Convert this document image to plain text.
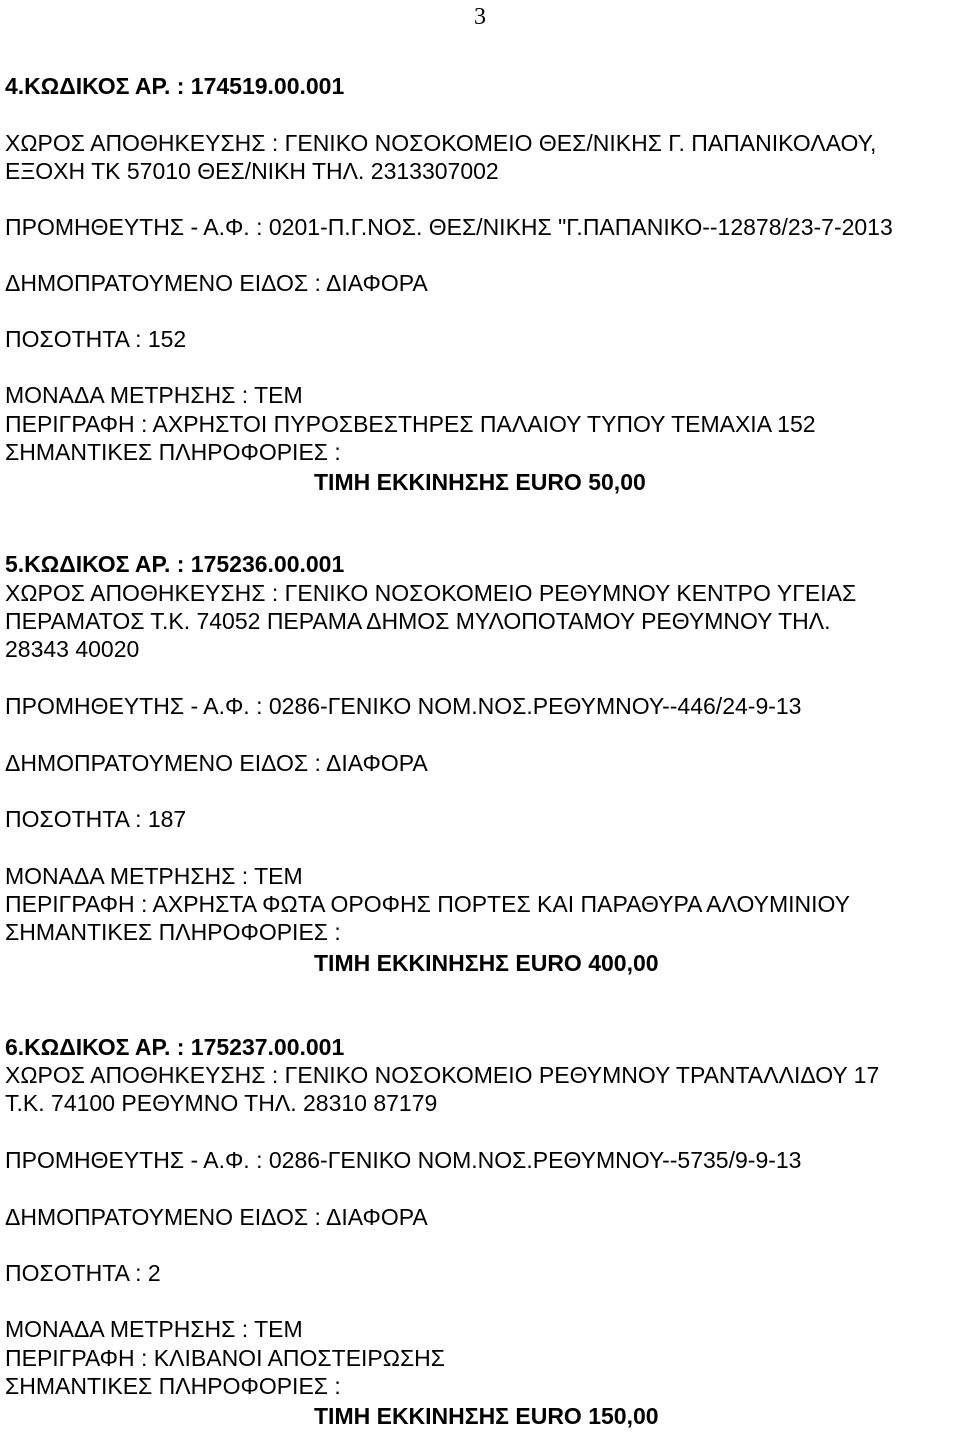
3
4.ΚΩΔΙΚΟΣ ΑΡ. : 174519.00.001
ΧΩΡΟΣ ΑΠΟΘΗΚΕΥΣΗΣ : ΓΕΝΙΚΟ ΝΟΣΟΚΟΜΕΙΟ ΘΕΣ/ΝΙΚΗΣ Γ. ΠΑΠΑΝΙΚΟΛΑΟΥ,
ΕΞΟΧΗ ΤΚ 57010 ΘΕΣ/ΝΙΚΗ ΤΗΛ. 2313307002
ΠΡΟΜΗΘΕΥΤΗΣ - Α.Φ. : 0201-Π.Γ.ΝΟΣ. ΘΕΣ/ΝΙΚΗΣ "Γ.ΠΑΠΑΝΙΚΟ--12878/23-7-2013
ΔΗΜΟΠΡΑΤΟΥΜΕΝΟ ΕΙΔΟΣ : ΔΙΑΦΟΡΑ
ΠΟΣΟΤΗΤΑ : 152
ΜΟΝΑΔΑ ΜΕΤΡΗΣΗΣ : ΤΕΜ
ΠΕΡΙΓΡΑΦΗ : ΑΧΡΗΣΤΟΙ ΠΥΡΟΣΒΕΣΤΗΡΕΣ ΠΑΛΑΙΟΥ ΤΥΠΟΥ ΤΕΜΑΧΙΑ 152
ΣΗΜΑΝΤΙΚΕΣ ΠΛΗΡΟΦΟΡΙΕΣ :
ΤΙΜΗ ΕΚΚΙΝΗΣΗΣ EURO 50,00
5.ΚΩΔΙΚΟΣ ΑΡ. : 175236.00.001
ΧΩΡΟΣ ΑΠΟΘΗΚΕΥΣΗΣ : ΓΕΝΙΚΟ ΝΟΣΟΚΟΜΕΙΟ ΡΕΘΥΜΝΟΥ ΚΕΝΤΡΟ ΥΓΕΙΑΣ
ΠΕΡΑΜΑΤΟΣ Τ.Κ. 74052 ΠΕΡΑΜΑ ΔΗΜΟΣ ΜΥΛΟΠΟΤΑΜΟΥ ΡΕΘΥΜΝΟΥ ΤΗΛ.
28343 40020
ΠΡΟΜΗΘΕΥΤΗΣ - Α.Φ. : 0286-ΓΕΝΙΚΟ ΝΟΜ.ΝΟΣ.ΡΕΘΥΜΝΟΥ--446/24-9-13
ΔΗΜΟΠΡΑΤΟΥΜΕΝΟ ΕΙΔΟΣ : ΔΙΑΦΟΡΑ
ΠΟΣΟΤΗΤΑ : 187
ΜΟΝΑΔΑ ΜΕΤΡΗΣΗΣ : ΤΕΜ
ΠΕΡΙΓΡΑΦΗ : ΑΧΡΗΣΤΑ ΦΩΤΑ ΟΡΟΦΗΣ ΠΟΡΤΕΣ ΚΑΙ ΠΑΡΑΘΥΡΑ ΑΛΟΥΜΙΝΙΟΥ
ΣΗΜΑΝΤΙΚΕΣ ΠΛΗΡΟΦΟΡΙΕΣ :
ΤΙΜΗ ΕΚΚΙΝΗΣΗΣ EURO 400,00
6.ΚΩΔΙΚΟΣ ΑΡ. : 175237.00.001
ΧΩΡΟΣ ΑΠΟΘΗΚΕΥΣΗΣ : ΓΕΝΙΚΟ ΝΟΣΟΚΟΜΕΙΟ ΡΕΘΥΜΝΟΥ ΤΡΑΝΤΑΛΛΙΔΟΥ 17
Τ.Κ. 74100 ΡΕΘΥΜΝΟ ΤΗΛ. 28310 87179
ΠΡΟΜΗΘΕΥΤΗΣ - Α.Φ. : 0286-ΓΕΝΙΚΟ ΝΟΜ.ΝΟΣ.ΡΕΘΥΜΝΟΥ--5735/9-9-13
ΔΗΜΟΠΡΑΤΟΥΜΕΝΟ ΕΙΔΟΣ : ΔΙΑΦΟΡΑ
ΠΟΣΟΤΗΤΑ : 2
ΜΟΝΑΔΑ ΜΕΤΡΗΣΗΣ : ΤΕΜ
ΠΕΡΙΓΡΑΦΗ : ΚΛΙΒΑΝΟΙ ΑΠΟΣΤΕΙΡΩΣΗΣ
ΣΗΜΑΝΤΙΚΕΣ ΠΛΗΡΟΦΟΡΙΕΣ :
ΤΙΜΗ ΕΚΚΙΝΗΣΗΣ EURO 150,00
